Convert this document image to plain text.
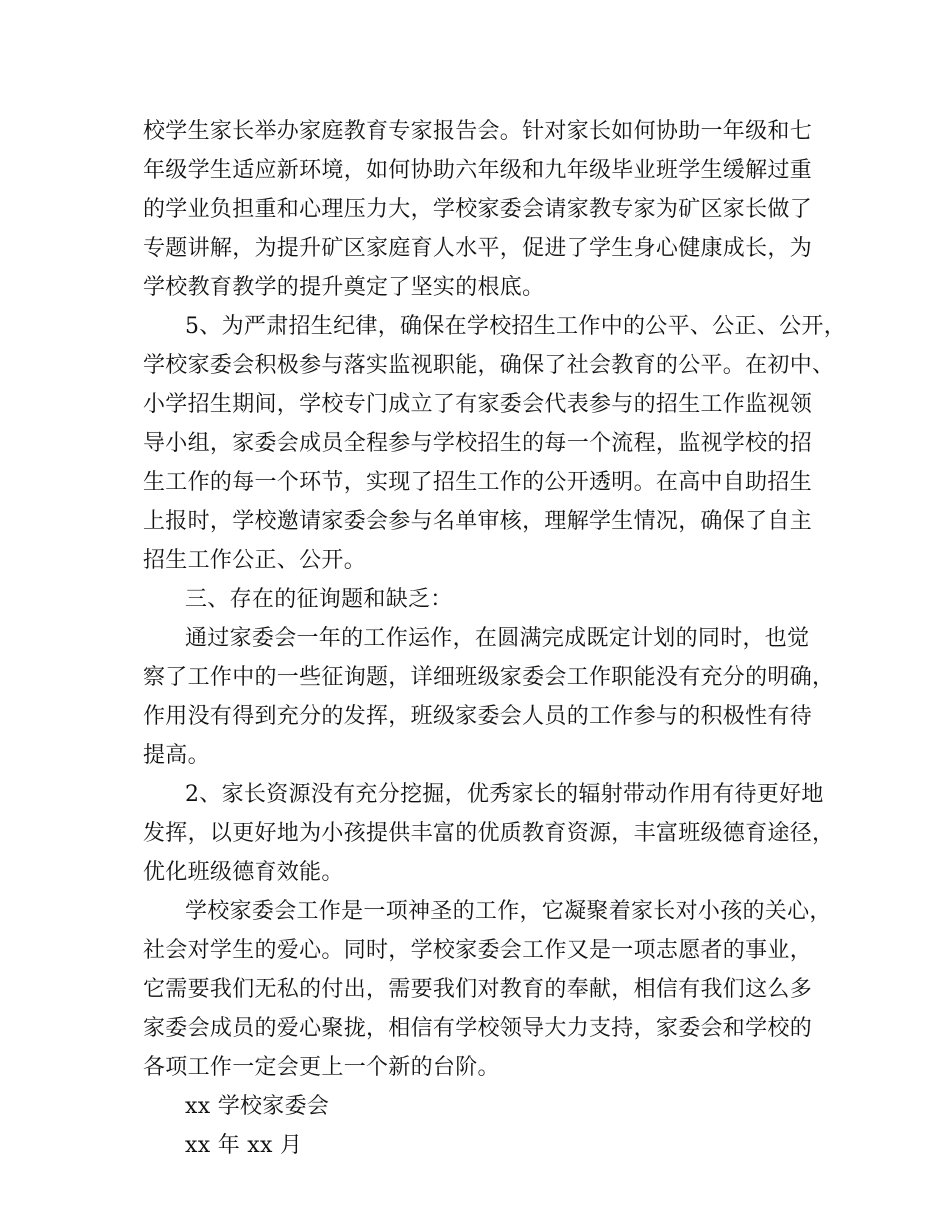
校学生家长举办家庭教育专家报告会。针对家长如何协助一年级和七
年级学生适应新环境，如何协助六年级和九年级毕业班学生缓解过重
的学业负担重和心理压力大，学校家委会请家教专家为矿区家长做了
专题讲解，为提升矿区家庭育人水平，促进了学生身心健康成长，为
学校教育教学的提升奠定了坚实的根底。
5、为严肃招生纪律，确保在学校招生工作中的公平、公正、公开，
学校家委会积极参与落实监视职能，确保了社会教育的公平。在初中、
小学招生期间，学校专门成立了有家委会代表参与的招生工作监视领
导小组，家委会成员全程参与学校招生的每一个流程，监视学校的招
生工作的每一个环节，实现了招生工作的公开透明。在高中自助招生
上报时，学校邀请家委会参与名单审核，理解学生情况，确保了自主
招生工作公正、公开。
三、存在的征询题和缺乏：
通过家委会一年的工作运作，在圆满完成既定计划的同时，也觉
察了工作中的一些征询题，详细班级家委会工作职能没有充分的明确，
作用没有得到充分的发挥，班级家委会人员的工作参与的积极性有待
提高。
2、家长资源没有充分挖掘，优秀家长的辐射带动作用有待更好地
发挥，以更好地为小孩提供丰富的优质教育资源，丰富班级德育途径，
优化班级德育效能。
学校家委会工作是一项神圣的工作，它凝聚着家长对小孩的关心，
社会对学生的爱心。同时，学校家委会工作又是一项志愿者的事业，
它需要我们无私的付出，需要我们对教育的奉献，相信有我们这么多
家委会成员的爱心聚拢，相信有学校领导大力支持，家委会和学校的
各项工作一定会更上一个新的台阶。
xx 学校家委会
xx 年 xx 月
